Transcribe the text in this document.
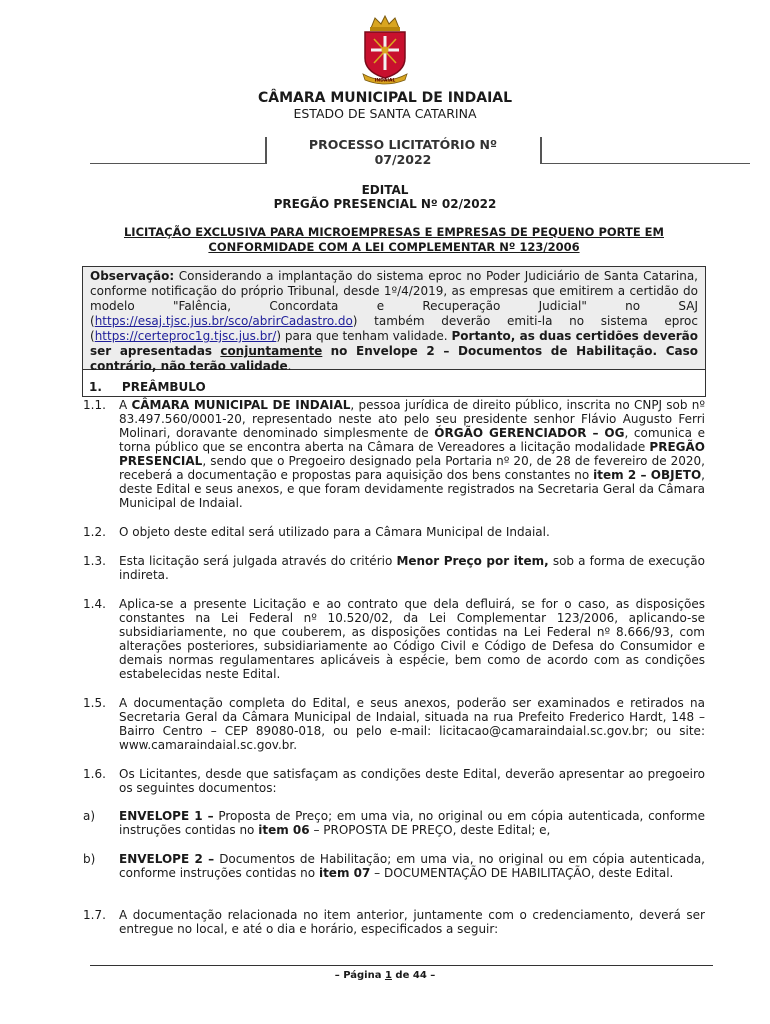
INDAIAL
CÂMARA MUNICIPAL DE INDAIAL
ESTADO DE SANTA CATARINA
PROCESSO LICITATÓRIO Nº
07/2022
EDITAL
PREGÃO PRESENCIAL Nº 02/2022
LICITAÇÃO EXCLUSIVA PARA MICROEMPRESAS E EMPRESAS DE PEQUENO PORTE EM
CONFORMIDADE COM A LEI COMPLEMENTAR Nº 123/2006
Observação: Considerando a implantação do sistema eproc no Poder Judiciário de Santa Catarina, conforme notificação do próprio Tribunal, desde 1º/4/2019, as empresas que emitirem a certidão do modelo "Falência, Concordata e Recuperação Judicial" no SAJ (https://esaj.tjsc.jus.br/sco/abrirCadastro.do) também deverão emiti-la no sistema eproc (https://certeproc1g.tjsc.jus.br/) para que tenham validade. Portanto, as duas certidões deverão ser apresentadas conjuntamente no Envelope 2 – Documentos de Habilitação. Caso contrário, não terão validade.
1. PREÂMBULO
1.1. A CÂMARA MUNICIPAL DE INDAIAL, pessoa jurídica de direito público, inscrita no CNPJ sob nº 83.497.560/0001-20, representado neste ato pelo seu presidente senhor Flávio Augusto Ferri Molinari, doravante denominado simplesmente de ÓRGÃO GERENCIADOR – OG, comunica e torna público que se encontra aberta na Câmara de Vereadores a licitação modalidade PREGÃO PRESENCIAL, sendo que o Pregoeiro designado pela Portaria nº 20, de 28 de fevereiro de 2020, receberá a documentação e propostas para aquisição dos bens constantes no item 2 – OBJETO, deste Edital e seus anexos, e que foram devidamente registrados na Secretaria Geral da Câmara Municipal de Indaial.
1.2. O objeto deste edital será utilizado para a Câmara Municipal de Indaial.
1.3. Esta licitação será julgada através do critério Menor Preço por item, sob a forma de execução indireta.
1.4. Aplica-se a presente Licitação e ao contrato que dela defluirá, se for o caso, as disposições constantes na Lei Federal nº 10.520/02, da Lei Complementar 123/2006, aplicando-se subsidiariamente, no que couberem, as disposições contidas na Lei Federal nº 8.666/93, com alterações posteriores, subsidiariamente ao Código Civil e Código de Defesa do Consumidor e demais normas regulamentares aplicáveis à espécie, bem como de acordo com as condições estabelecidas neste Edital.
1.5. A documentação completa do Edital, e seus anexos, poderão ser examinados e retirados na Secretaria Geral da Câmara Municipal de Indaial, situada na rua Prefeito Frederico Hardt, 148 – Bairro Centro – CEP 89080-018, ou pelo e-mail: licitacao@camaraindaial.sc.gov.br; ou site: www.camaraindaial.sc.gov.br.
1.6. Os Licitantes, desde que satisfaçam as condições deste Edital, deverão apresentar ao pregoeiro os seguintes documentos:
a) ENVELOPE 1 – Proposta de Preço; em uma via, no original ou em cópia autenticada, conforme instruções contidas no item 06 – PROPOSTA DE PREÇO, deste Edital; e,
b) ENVELOPE 2 – Documentos de Habilitação; em uma via, no original ou em cópia autenticada, conforme instruções contidas no item 07 – DOCUMENTAÇÃO DE HABILITAÇÃO, deste Edital.
1.7. A documentação relacionada no item anterior, juntamente com o credenciamento, deverá ser entregue no local, e até o dia e horário, especificados a seguir:
– Página 1 de 44 –
